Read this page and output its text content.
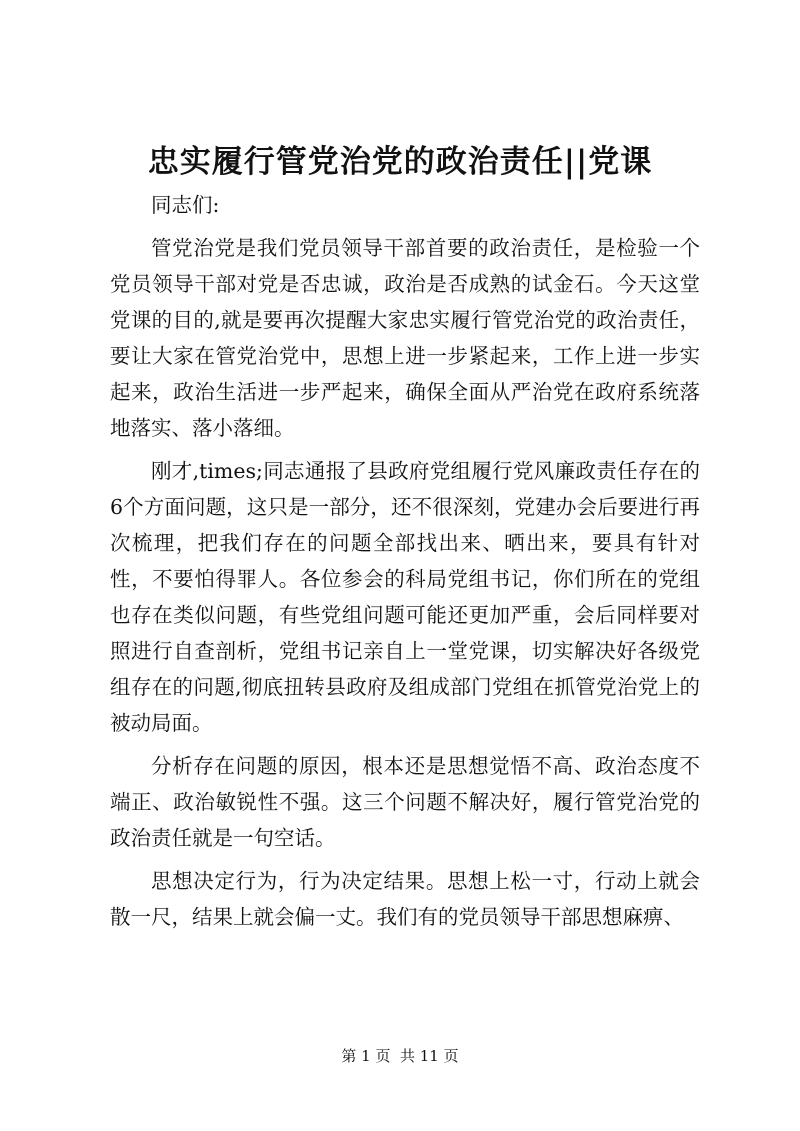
忠实履行管党治党的政治责任||党课

同志们:

管党治党是我们党员领导干部首要的政治责任，是检验一个党员领导干部对党是否忠诚，政治是否成熟的试金石。今天这堂党课的目的,就是要再次提醒大家忠实履行管党治党的政治责任，要让大家在管党治党中，思想上进一步紧起来，工作上进一步实起来，政治生活进一步严起来，确保全面从严治党在政府系统落地落实、落小落细。

刚才,times;同志通报了县政府党组履行党风廉政责任存在的6个方面问题，这只是一部分，还不很深刻，党建办会后要进行再次梳理，把我们存在的问题全部找出来、晒出来，要具有针对性，不要怕得罪人。各位参会的科局党组书记，你们所在的党组也存在类似问题，有些党组问题可能还更加严重，会后同样要对照进行自查剖析，党组书记亲自上一堂党课，切实解决好各级党组存在的问题,彻底扭转县政府及组成部门党组在抓管党治党上的被动局面。

分析存在问题的原因，根本还是思想觉悟不高、政治态度不端正、政治敏锐性不强。这三个问题不解决好，履行管党治党的政治责任就是一句空话。

思想决定行为，行为决定结果。思想上松一寸，行动上就会散一尺，结果上就会偏一丈。我们有的党员领导干部思想麻痹、

第 1 页  共 11 页
